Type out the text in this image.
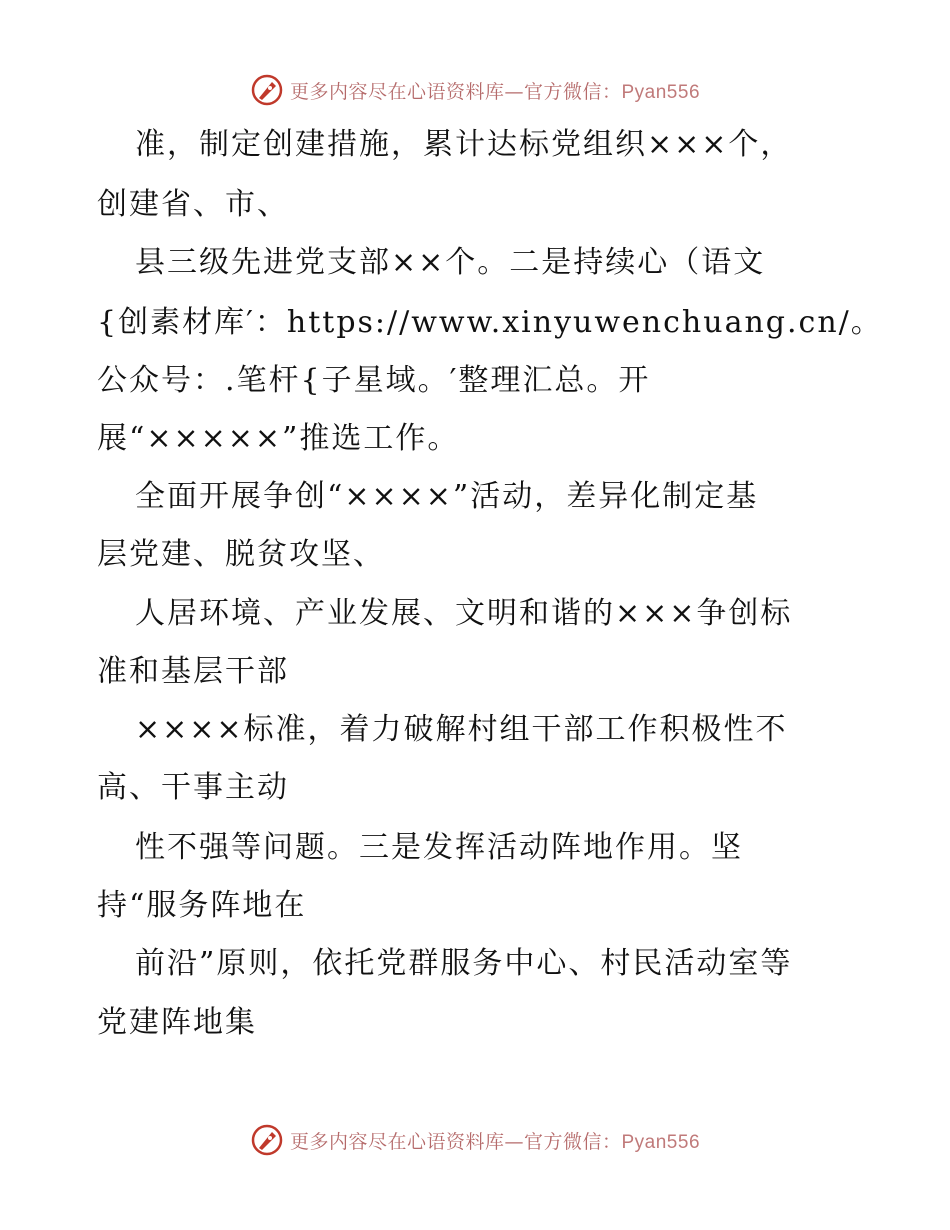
更多内容尽在心语资料库—官方微信：Pyan556
准，制定创建措施，累计达标党组织×××个，
创建省、市、
县三级先进党支部××个。二是持续心（语文
{创素材库′：https://www.xinyuwenchuang.cn/。
公众号：.笔杆{子星域。′整理汇总。开
展“×××××”推选工作。
全面开展争创“××××”活动，差异化制定基
层党建、脱贫攻坚、
人居环境、产业发展、文明和谐的×××争创标
准和基层干部
××××标准，着力破解村组干部工作积极性不
高、干事主动
性不强等问题。三是发挥活动阵地作用。坚
持“服务阵地在
前沿”原则，依托党群服务中心、村民活动室等
党建阵地集
更多内容尽在心语资料库—官方微信：Pyan556
